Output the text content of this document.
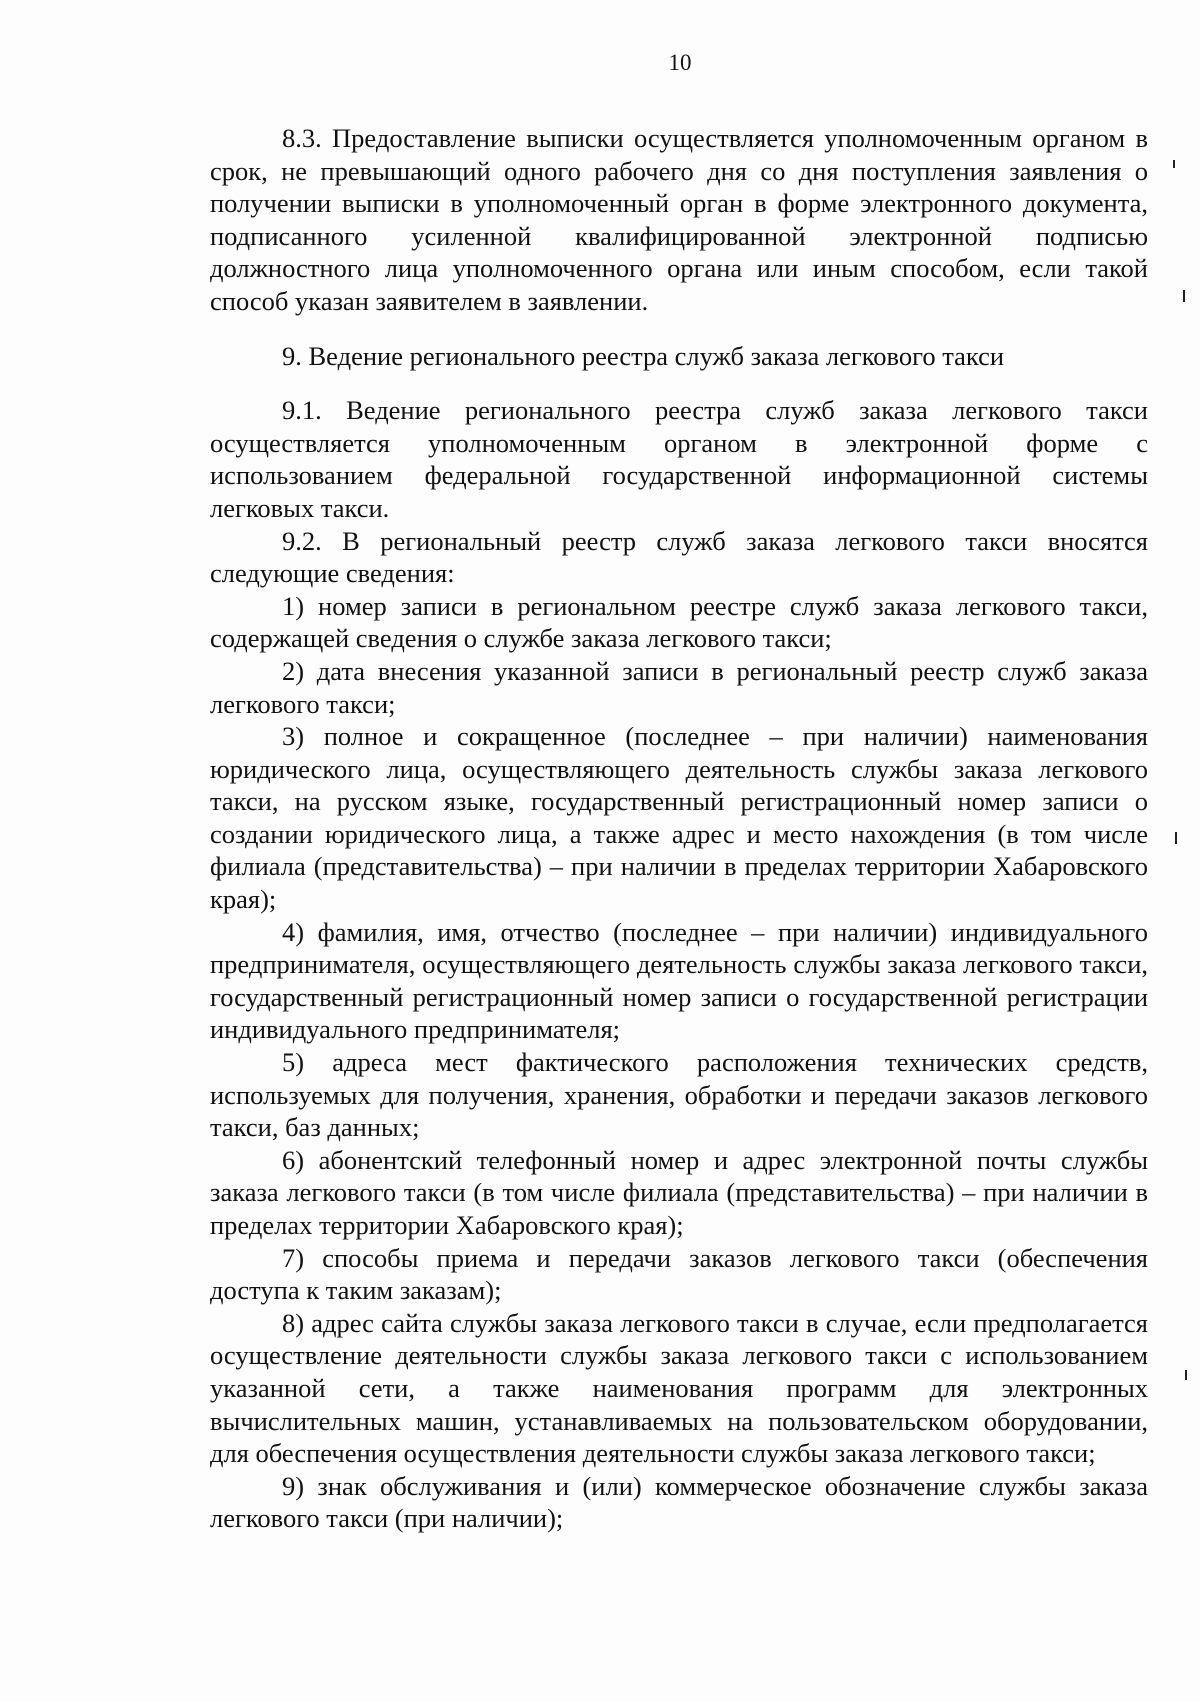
10

8.3. Предоставление выписки осуществляется уполномоченным органом в срок, не превышающий одного рабочего дня со дня поступления заявления о получении выписки в уполномоченный орган в форме электронного документа, подписанного усиленной квалифицированной электронной подписью должностного лица уполномоченного органа или иным способом, если такой способ указан заявителем в заявлении.

9. Ведение регионального реестра служб заказа легкового такси

9.1. Ведение регионального реестра служб заказа легкового такси осуществляется уполномоченным органом в электронной форме с использованием федеральной государственной информационной системы легковых такси.

9.2. В региональный реестр служб заказа легкового такси вносятся следующие сведения:

1) номер записи в региональном реестре служб заказа легкового такси, содержащей сведения о службе заказа легкового такси;

2) дата внесения указанной записи в региональный реестр служб заказа легкового такси;

3) полное и сокращенное (последнее – при наличии) наименования юридического лица, осуществляющего деятельность службы заказа легкового такси, на русском языке, государственный регистрационный номер записи о создании юридического лица, а также адрес и место нахождения (в том числе филиала (представительства) – при наличии в пределах территории Хабаровского края);

4) фамилия, имя, отчество (последнее – при наличии) индивидуального предпринимателя, осуществляющего деятельность службы заказа легкового такси, государственный регистрационный номер записи о государственной регистрации индивидуального предпринимателя;

5) адреса мест фактического расположения технических средств, используемых для получения, хранения, обработки и передачи заказов легкового такси, баз данных;

6) абонентский телефонный номер и адрес электронной почты службы заказа легкового такси (в том числе филиала (представительства) – при наличии в пределах территории Хабаровского края);

7) способы приема и передачи заказов легкового такси (обеспечения доступа к таким заказам);

8) адрес сайта службы заказа легкового такси в случае, если предполагается осуществление деятельности службы заказа легкового такси с использованием указанной сети, а также наименования программ для электронных вычислительных машин, устанавливаемых на пользовательском оборудовании, для обеспечения осуществления деятельности службы заказа легкового такси;

9) знак обслуживания и (или) коммерческое обозначение службы заказа легкового такси (при наличии);
